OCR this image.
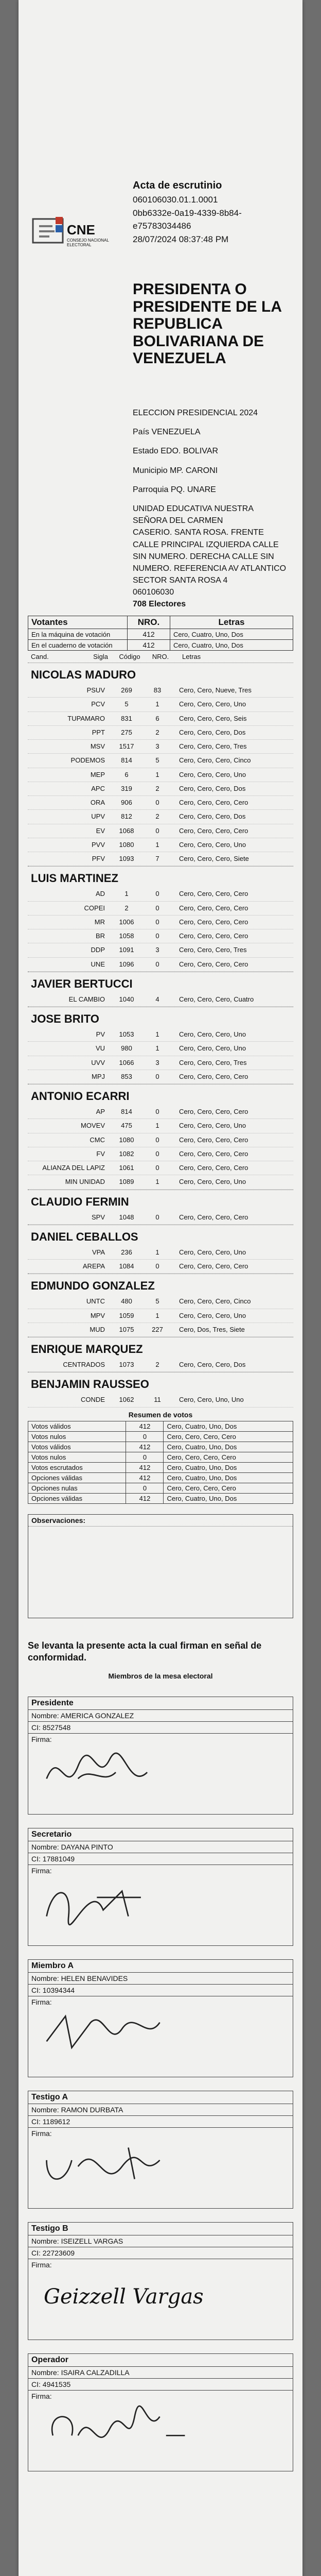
CNE
CONSEJO NACIONAL ELECTORAL
Acta de escrutinio
060106030.01.1.0001
0bb6332e-0a19-4339-8b84-
e75783034486
28/07/2024 08:37:48 PM
PRESIDENTA O
PRESIDENTE DE LA
REPUBLICA
BOLIVARIANA DE
VENEZUELA
ELECCION PRESIDENCIAL 2024
País VENEZUELA
Estado EDO. BOLIVAR
Municipio MP. CARONI
Parroquia PQ. UNARE
UNIDAD EDUCATIVA NUESTRA SEÑORA DEL CARMEN
CASERIO. SANTA ROSA. FRENTE CALLE PRINCIPAL IZQUIERDA CALLE SIN NUMERO. DERECHA CALLE SIN NUMERO. REFERENCIA AV ATLANTICO SECTOR SANTA ROSA 4
060106030
708 Electores
Votantes	NRO.	Letras
En la máquina de votación	412	Cero, Cuatro, Uno, Dos
En el cuaderno de votación	412	Cero, Cuatro, Uno, Dos
Cand.	Sigla	Código	NRO.	Letras
NICOLAS MADURO
PSUV	269	83	Cero, Cero, Nueve, Tres
PCV	5	1	Cero, Cero, Cero, Uno
TUPAMARO	831	6	Cero, Cero, Cero, Seis
PPT	275	2	Cero, Cero, Cero, Dos
MSV	1517	3	Cero, Cero, Cero, Tres
PODEMOS	814	5	Cero, Cero, Cero, Cinco
MEP	6	1	Cero, Cero, Cero, Uno
APC	319	2	Cero, Cero, Cero, Dos
ORA	906	0	Cero, Cero, Cero, Cero
UPV	812	2	Cero, Cero, Cero, Dos
EV	1068	0	Cero, Cero, Cero, Cero
PVV	1080	1	Cero, Cero, Cero, Uno
PFV	1093	7	Cero, Cero, Cero, Siete
LUIS MARTINEZ
AD	1	0	Cero, Cero, Cero, Cero
COPEI	2	0	Cero, Cero, Cero, Cero
MR	1006	0	Cero, Cero, Cero, Cero
BR	1058	0	Cero, Cero, Cero, Cero
DDP	1091	3	Cero, Cero, Cero, Tres
UNE	1096	0	Cero, Cero, Cero, Cero
JAVIER BERTUCCI
EL CAMBIO	1040	4	Cero, Cero, Cero, Cuatro
JOSE BRITO
PV	1053	1	Cero, Cero, Cero, Uno
VU	980	1	Cero, Cero, Cero, Uno
UVV	1066	3	Cero, Cero, Cero, Tres
MPJ	853	0	Cero, Cero, Cero, Cero
ANTONIO ECARRI
AP	814	0	Cero, Cero, Cero, Cero
MOVEV	475	1	Cero, Cero, Cero, Uno
CMC	1080	0	Cero, Cero, Cero, Cero
FV	1082	0	Cero, Cero, Cero, Cero
ALIANZA DEL LAPIZ	1061	0	Cero, Cero, Cero, Cero
MIN UNIDAD	1089	1	Cero, Cero, Cero, Uno
CLAUDIO FERMIN
SPV	1048	0	Cero, Cero, Cero, Cero
DANIEL CEBALLOS
VPA	236	1	Cero, Cero, Cero, Uno
AREPA	1084	0	Cero, Cero, Cero, Cero
EDMUNDO GONZALEZ
UNTC	480	5	Cero, Cero, Cero, Cinco
MPV	1059	1	Cero, Cero, Cero, Uno
MUD	1075	227	Cero, Dos, Tres, Siete
ENRIQUE MARQUEZ
CENTRADOS	1073	2	Cero, Cero, Cero, Dos
BENJAMIN RAUSSEO
CONDE	1062	11	Cero, Cero, Uno, Uno
Resumen de votos
Votos válidos	412	Cero, Cuatro, Uno, Dos
Votos nulos	0	Cero, Cero, Cero, Cero
Votos válidos	412	Cero, Cuatro, Uno, Dos
Votos nulos	0	Cero, Cero, Cero, Cero
Votos escrutados	412	Cero, Cuatro, Uno, Dos
Opciones válidas	412	Cero, Cuatro, Uno, Dos
Opciones nulas	0	Cero, Cero, Cero, Cero
Opciones válidas	412	Cero, Cuatro, Uno, Dos
Observaciones:
Se levanta la presente acta la cual firman en señal de conformidad.
Miembros de la mesa electoral
Presidente
Nombre: AMERICA GONZALEZ
CI: 8527548
Firma:
Secretario
Nombre: DAYANA PINTO
CI: 17881049
Firma:
Miembro A
Nombre: HELEN BENAVIDES
CI: 10394344
Firma:
Testigo A
Nombre: RAMON DURBATA
CI: 1189612
Firma:
Testigo B
Nombre: ISEIZELL VARGAS
CI: 22723609
Firma:
Geizzell Vargas
Operador
Nombre: ISAIRA CALZADILLA
CI: 4941535
Firma:
